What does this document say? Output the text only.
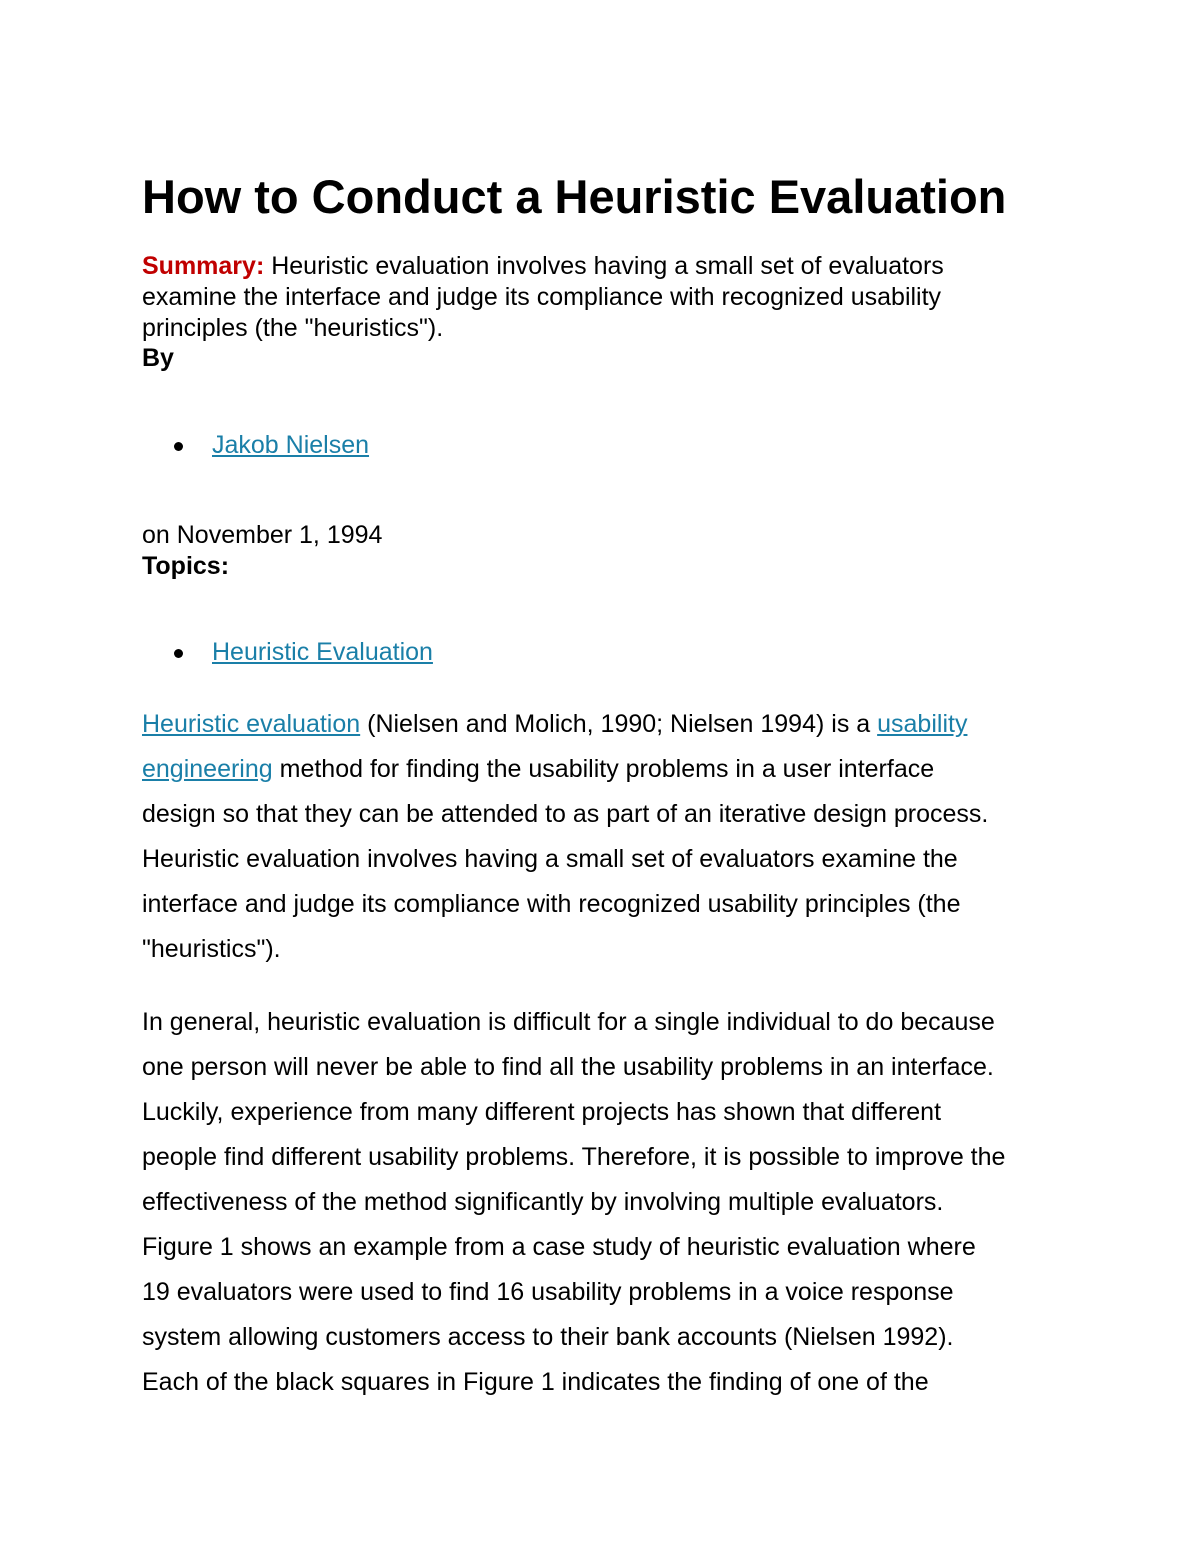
How to Conduct a Heuristic Evaluation
Summary: Heuristic evaluation involves having a small set of evaluators
examine the interface and judge its compliance with recognized usability
principles (the "heuristics").
By
Jakob Nielsen
on November 1, 1994
Topics:
Heuristic Evaluation
Heuristic evaluation (Nielsen and Molich, 1990; Nielsen 1994) is a usability
engineering method for finding the usability problems in a user interface
design so that they can be attended to as part of an iterative design process.
Heuristic evaluation involves having a small set of evaluators examine the
interface and judge its compliance with recognized usability principles (the
"heuristics").
In general, heuristic evaluation is difficult for a single individual to do because
one person will never be able to find all the usability problems in an interface.
Luckily, experience from many different projects has shown that different
people find different usability problems. Therefore, it is possible to improve the
effectiveness of the method significantly by involving multiple evaluators.
Figure 1 shows an example from a case study of heuristic evaluation where
19 evaluators were used to find 16 usability problems in a voice response
system allowing customers access to their bank accounts (Nielsen 1992).
Each of the black squares in Figure 1 indicates the finding of one of the
